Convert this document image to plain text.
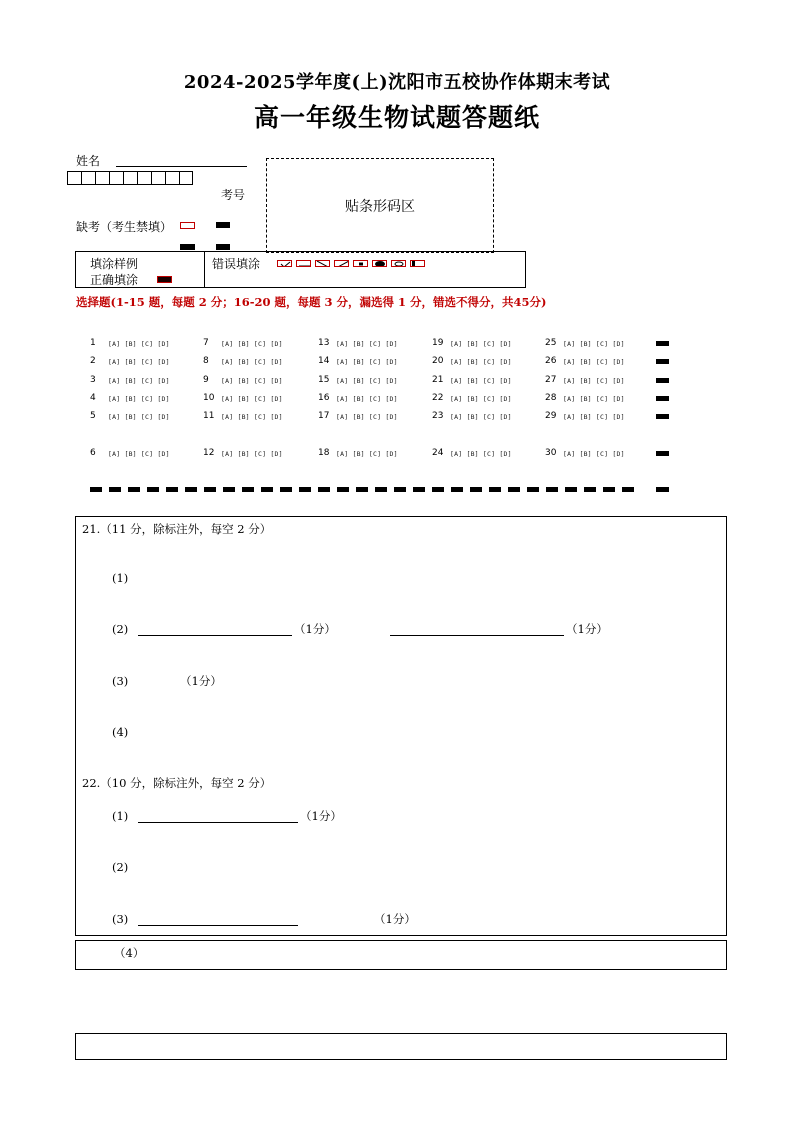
2024-2025学年度(上)沈阳市五校协作体期末考试
高一年级生物试题答题纸
姓名
考号
缺考（考生禁填）
贴条形码区
填涂样例
正确填涂
错误填涂
选择题(1-15 题，每题 2 分；16-20 题，每题 3 分，漏选得 1 分，错选不得分，共45分)
1	[A] [B] [C] [D]
2	[A] [B] [C] [D]
3	[A] [B] [C] [D]
4	[A] [B] [C] [D]
5	[A] [B] [C] [D]
6	[A] [B] [C] [D]
7	[A] [B] [C] [D]
8	[A] [B] [C] [D]
9	[A] [B] [C] [D]
10	[A] [B] [C] [D]
11	[A] [B] [C] [D]
12	[A] [B] [C] [D]
13	[A] [B] [C] [D]
14	[A] [B] [C] [D]
15	[A] [B] [C] [D]
16	[A] [B] [C] [D]
17	[A] [B] [C] [D]
18	[A] [B] [C] [D]
19	[A] [B] [C] [D]
20	[A] [B] [C] [D]
21	[A] [B] [C] [D]
22	[A] [B] [C] [D]
23	[A] [B] [C] [D]
24	[A] [B] [C] [D]
25	[A] [B] [C] [D]
26	[A] [B] [C] [D]
27	[A] [B] [C] [D]
28	[A] [B] [C] [D]
29	[A] [B] [C] [D]
30	[A] [B] [C] [D]
21.（11 分，除标注外，每空 2 分）
(1)
(2)	（1分）	（1分）
(3)	（1分）
(4)
22.（10 分，除标注外，每空 2 分）
(1)	（1分）
(2)
(3)	（1分）
（4）
